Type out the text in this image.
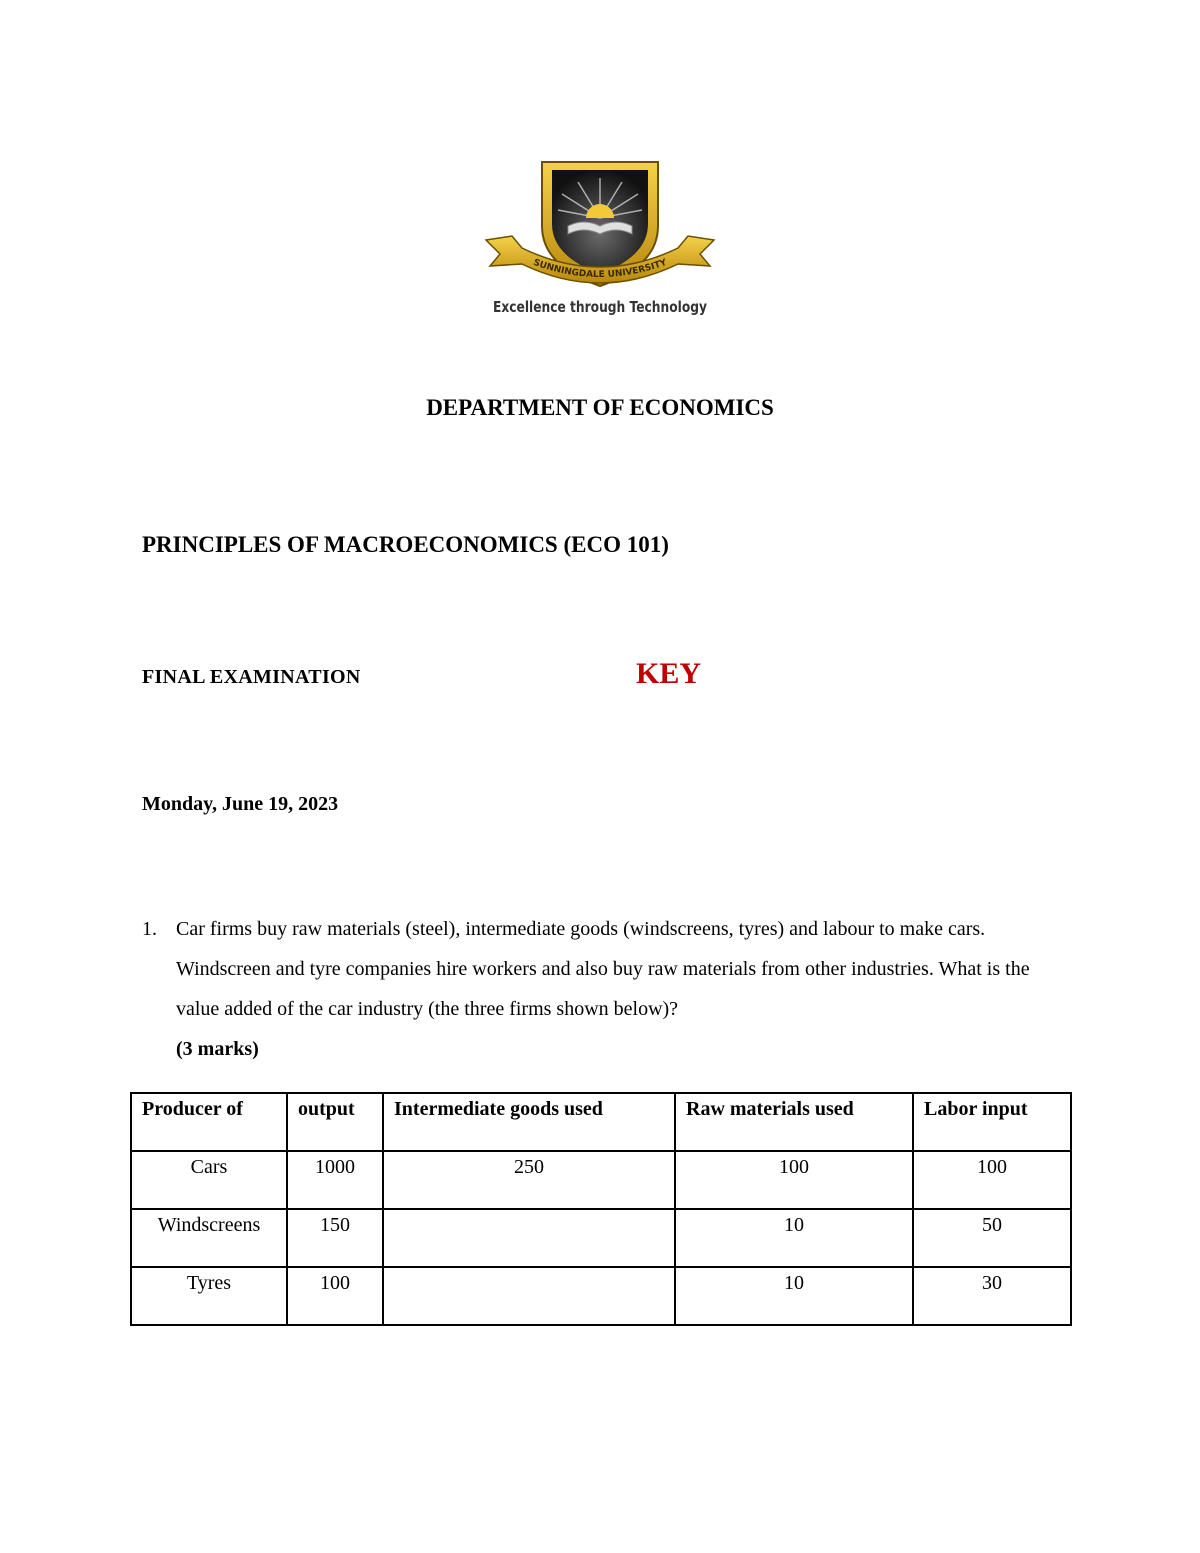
SUNNINGDALE UNIVERSITY
Excellence through Technology
DEPARTMENT OF ECONOMICS
PRINCIPLES OF MACROECONOMICS (ECO 101)
FINAL EXAMINATION	KEY
Monday, June 19, 2023
1. Car firms buy raw materials (steel), intermediate goods (windscreens, tyres) and labour to make cars. Windscreen and tyre companies hire workers and also buy raw materials from other industries. What is the value added of the car industry (the three firms shown below)?
(3 marks)
Producer of	output	Intermediate goods used	Raw materials used	Labor input
Cars	1000	250	100	100
Windscreens	150		10	50
Tyres	100		10	30
